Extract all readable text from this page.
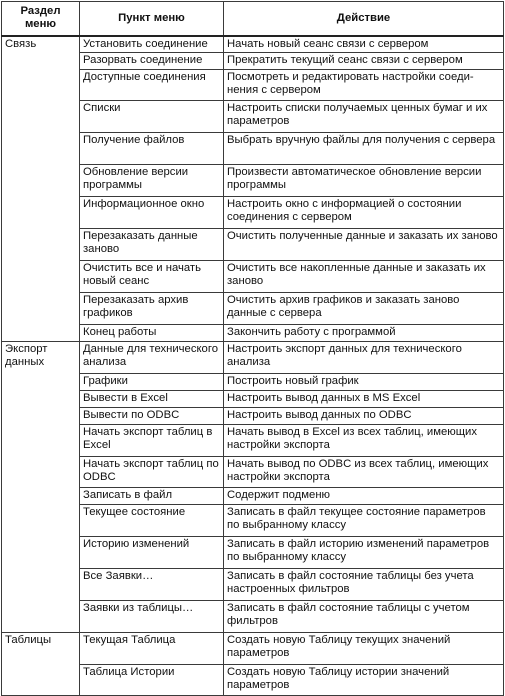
Раздел меню	Пункт меню	Действие
Связь	Установить соединение	Начать новый сеанс связи с сервером
	Разорвать соединение	Прекратить текущий сеанс связи с сервером
	Доступные соединения	Посмотреть и редактировать настройки соеди-нения с сервером
	Списки	Настроить списки получаемых ценных бумаг и их параметров
	Получение файлов	Выбрать вручную файлы для получения с сервера
	Обновление версии программы	Произвести автоматическое обновление версии программы
	Информационное окно	Настроить окно с информацией о состоянии соединения с сервером
	Перезаказать данные заново	Очистить полученные данные и заказать их заново
	Очистить все и начать новый сеанс	Очистить все накопленные данные и заказать их заново
	Перезаказать архив графиков	Очистить архив графиков и заказать заново данные с сервера
	Конец работы	Закончить работу с программой
Экспорт данных	Данные для технического анализа	Настроить экспорт данных для технического анализа
	Графики	Построить новый график
	Вывести в Excel	Настроить вывод данных в MS Excel
	Вывести по ODBC	Настроить вывод данных по ODBC
	Начать экспорт таблиц в Excel	Начать вывод в Excel из всех таблиц, имеющих настройки экспорта
	Начать экспорт таблиц по ODBC	Начать вывод по ODBC из всех таблиц, имеющих настройки экспорта
	Записать в файл	Содержит подменю
	Текущее состояние	Записать в файл текущее состояние параметров по выбранному классу
	Историю изменений	Записать в файл историю изменений параметров по выбранному классу
	Все Заявки…	Записать в файл состояние таблицы без учета настроенных фильтров
	Заявки из таблицы…	Записать в файл состояние таблицы с учетом фильтров
Таблицы	Текущая Таблица	Создать новую Таблицу текущих значений параметров
	Таблица Истории	Создать новую Таблицу истории значений параметров
